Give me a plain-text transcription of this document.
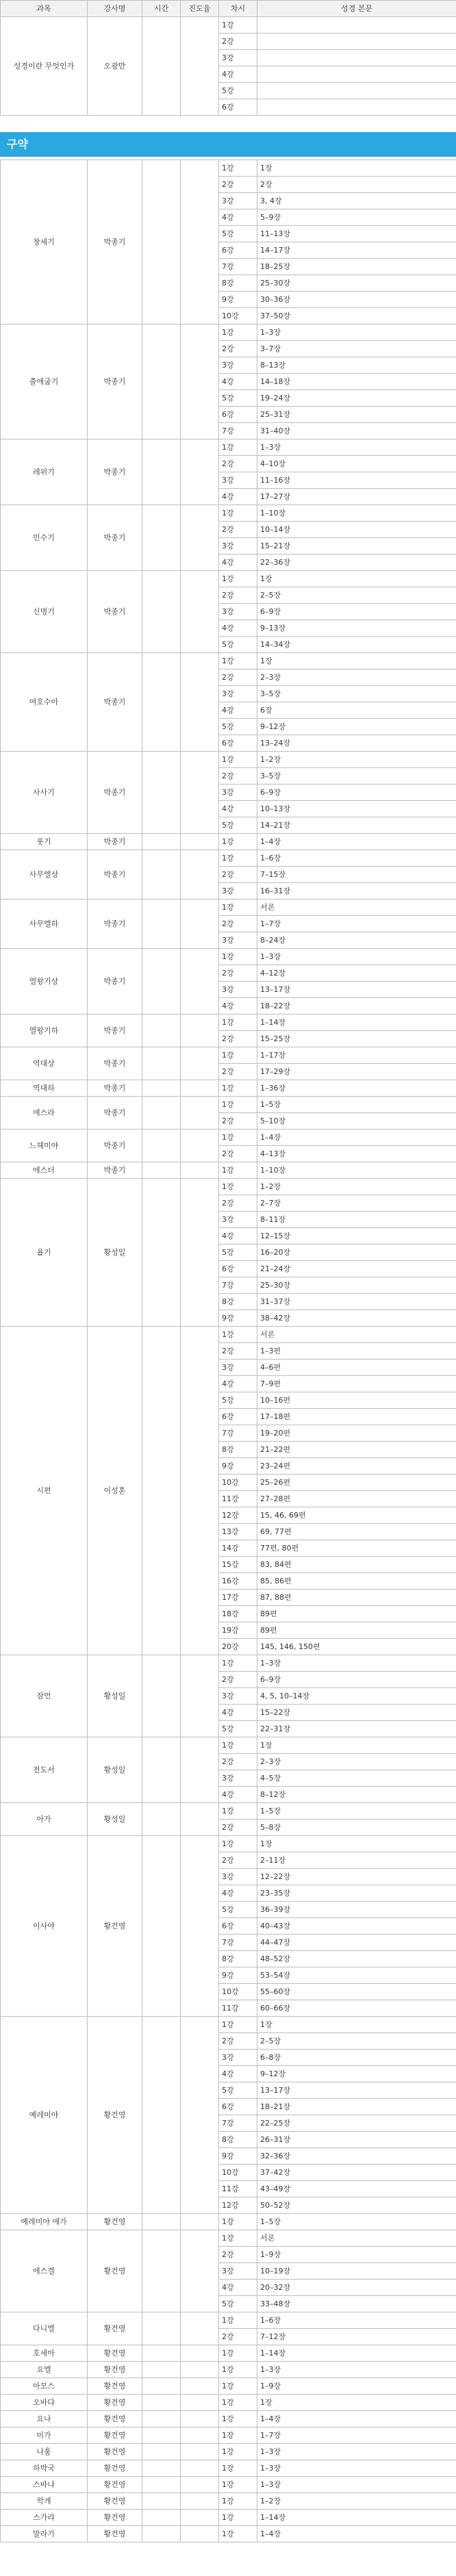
과목	강사명	시간	진도율	차시	성경 본문
성경이란 무엇인가	오광만			1강	
				2강	
				3강	
				4강	
				5강	
				6강	
구약
창세기	박종기			1강	1장
				2강	2장
				3강	3, 4장
				4강	5–9장
				5강	11–13장
				6강	14–17장
				7강	18–25장
				8강	25–30장
				9강	30–36장
				10강	37–50장
출애굽기	박종기			1강	1–3장
				2강	3–7장
				3강	8–13장
				4강	14–18장
				5강	19–24장
				6강	25–31장
				7강	31–40장
레위기	박종기			1강	1–3장
				2강	4–10장
				3강	11–16장
				4강	17–27장
민수기	박종기			1강	1–10장
				2강	10–14장
				3강	15–21장
				4강	22–36장
신명기	박종기			1강	1장
				2강	2–5장
				3강	6–9장
				4강	9–13장
				5강	14–34장
여호수아	박종기			1강	1장
				2강	2–3장
				3강	3–5장
				4강	6장
				5강	9–12장
				6강	13–24장
사사기	박종기			1강	1–2장
				2강	3–5장
				3강	6–9장
				4강	10–13장
				5강	14–21장
룻기	박종기			1강	1–4장
사무엘상	박종기			1강	1–6장
				2강	7–15장
				3강	16–31장
사무엘하	박종기			1강	서론
				2강	1–7장
				3강	8–24장
열왕기상	박종기			1강	1–3장
				2강	4–12장
				3강	13–17장
				4강	18–22장
열왕기하	박종기			1강	1–14장
				2강	15–25장
역대상	박종기			1강	1–17장
				2강	17–29장
역대하	박종기			1강	1–36장
에스라	박종기			1강	1–5장
				2강	5–10장
느헤미야	박종기			1강	1–4장
				2강	4–13장
에스더	박종기			1강	1–10장
욥기	황성일			1강	1–2장
				2강	2–7장
				3강	8–11장
				4강	12–15장
				5강	16–20장
				6강	21–24장
				7강	25–30장
				8강	31–37장
				9강	38–42장
시편	이성훈			1강	서론
				2강	1–3편
				3강	4–6편
				4강	7–9편
				5강	10–16편
				6강	17–18편
				7강	19–20편
				8강	21–22편
				9강	23–24편
				10강	25–26편
				11강	27–28편
				12강	15, 46, 69편
				13강	69, 77편
				14강	77편, 80편
				15강	83, 84편
				16강	85, 86편
				17강	87, 88편
				18강	89편
				19강	89편
				20강	145, 146, 150편
잠언	황성일			1강	1–3장
				2강	6–9장
				3강	4, 5, 10–14장
				4강	15–22장
				5강	22–31장
전도서	황성일			1강	1장
				2강	2–3장
				3강	4–5장
				4강	8–12장
아가	황성일			1강	1–5장
				2강	5–8장
이사야	황건영			1강	1장
				2강	2–11장
				3강	12–22장
				4강	23–35장
				5강	36–39장
				6강	40–43장
				7강	44–47장
				8강	48–52장
				9강	53–54장
				10강	55–60장
				11강	60–66장
예레미야	황건영			1강	1장
				2강	2–5장
				3강	6–8장
				4강	9–12장
				5강	13–17장
				6강	18–21장
				7강	22–25장
				8강	26–31장
				9강	32–36장
				10강	37–42장
				11강	43–49장
				12강	50–52장
예레미야 애가	황건영			1강	1–5장
에스겔	황건영			1강	서론
				2강	1–9장
				3강	10–19장
				4강	20–32장
				5강	33–48장
다니엘	황건영			1강	1–6장
				2강	7–12장
호세아	황건영			1강	1–14장
요엘	황건영			1강	1–3장
아모스	황건영			1강	1–9장
오바댜	황건영			1강	1장
요나	황건영			1강	1–4장
미가	황건영			1강	1–7장
나훔	황건영			1강	1–3장
하박국	황건영			1강	1–3장
스바냐	황건영			1강	1–3장
학개	황건영			1강	1–2장
스가랴	황건영			1강	1–14장
말라기	황건영			1강	1–4장
